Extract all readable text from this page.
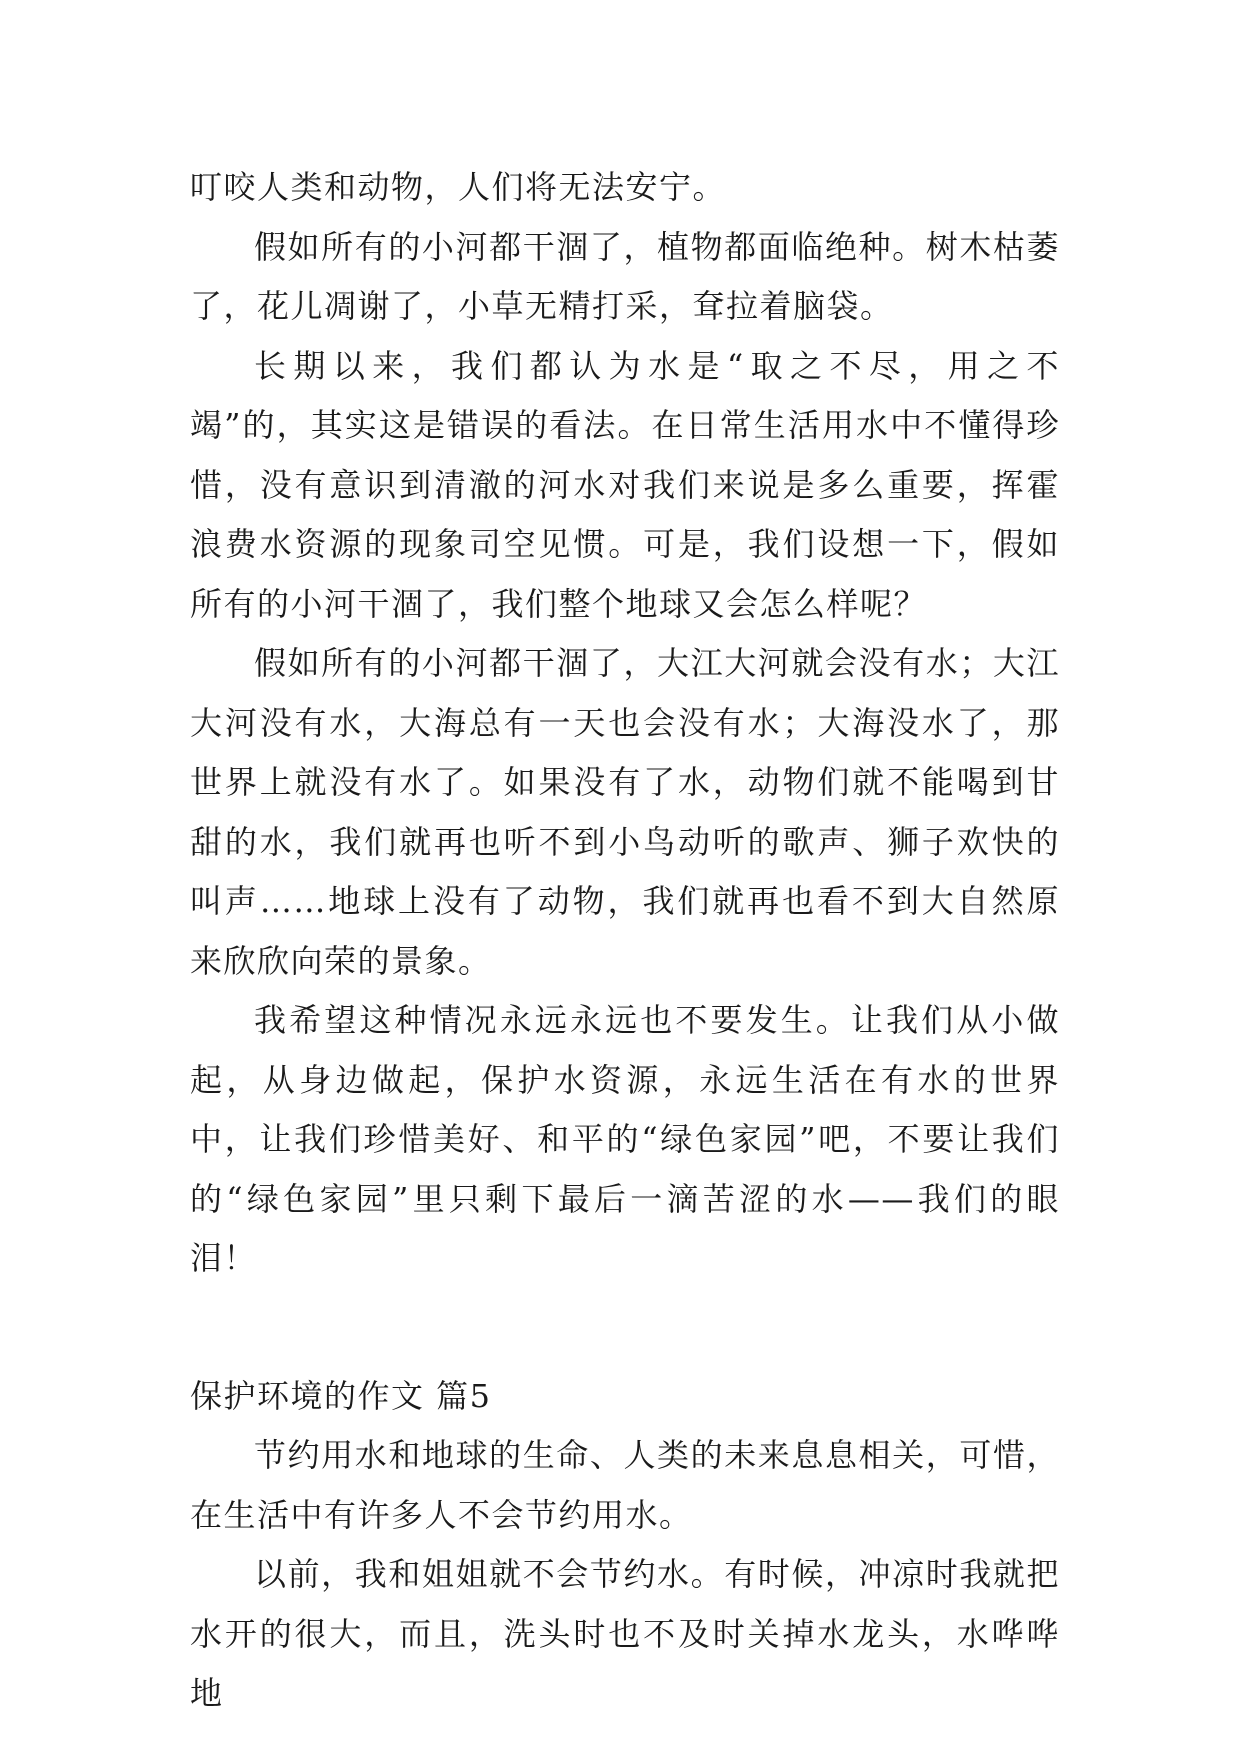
叮咬人类和动物，人们将无法安宁。

假如所有的小河都干涸了，植物都面临绝种。树木枯萎了，花儿凋谢了，小草无精打采，耷拉着脑袋。

长期以来，我们都认为水是“取之不尽，用之不竭”的，其实这是错误的看法。在日常生活用水中不懂得珍惜，没有意识到清澈的河水对我们来说是多么重要，挥霍浪费水资源的现象司空见惯。可是，我们设想一下，假如所有的小河干涸了，我们整个地球又会怎么样呢？

假如所有的小河都干涸了，大江大河就会没有水；大江大河没有水，大海总有一天也会没有水；大海没水了，那世界上就没有水了。如果没有了水，动物们就不能喝到甘甜的水，我们就再也听不到小鸟动听的歌声、狮子欢快的叫声……地球上没有了动物，我们就再也看不到大自然原来欣欣向荣的景象。

我希望这种情况永远永远也不要发生。让我们从小做起，从身边做起，保护水资源，永远生活在有水的世界中，让我们珍惜美好、和平的“绿色家园”吧，不要让我们的“绿色家园”里只剩下最后一滴苦涩的水——我们的眼泪！

保护环境的作文 篇5

节约用水和地球的生命、人类的未来息息相关，可惜，在生活中有许多人不会节约用水。

以前，我和姐姐就不会节约水。有时候，冲凉时我就把水开的很大，而且，洗头时也不及时关掉水龙头，水哗哗地
